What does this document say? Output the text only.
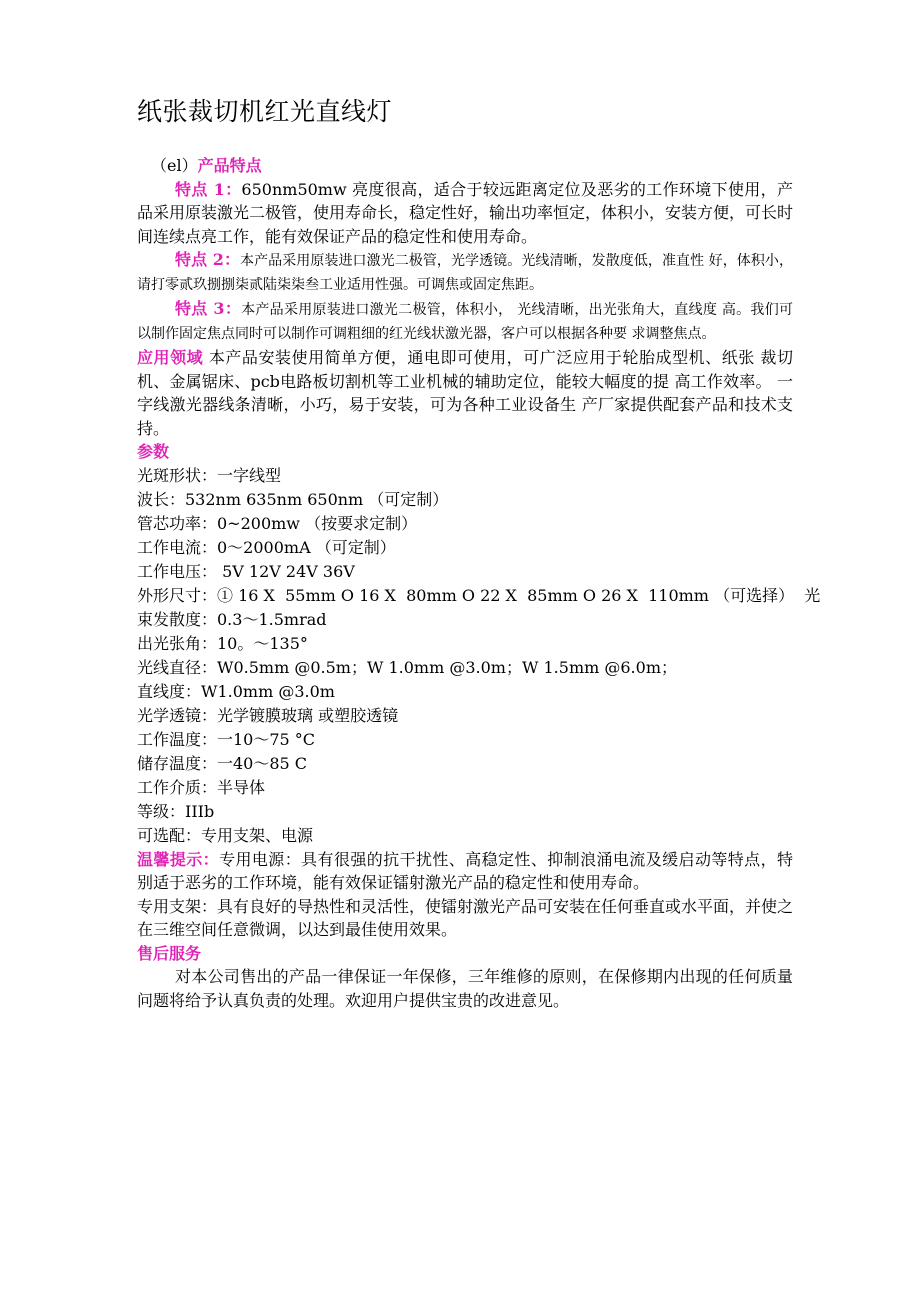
纸张裁切机红光直线灯

（el）产品特点

特点 1：650nm50mw 亮度很高，适合于较远距离定位及恶劣的工作环境下使用，产品采用原装激光二极管，使用寿命长，稳定性好，输出功率恒定，体积小，安装方便，可长时间连续点亮工作，能有效保证产品的稳定性和使用寿命。

特点 2：本产品采用原装进口激光二极管，光学透镜。光线清晰，发散度低，准直性 好，体积小，请打零贰玖捌捌柒贰陆柒柒叁工业适用性强。可调焦或固定焦距。

特点 3：本产品采用原装进口激光二极管，体积小， 光线清晰，出光张角大，直线度 高。我们可以制作固定焦点同时可以制作可调粗细的红光线状激光器，客户可以根据各种要 求调整焦点。

应用领域 本产品安装使用简单方便，通电即可使用，可广泛应用于轮胎成型机、纸张 裁切机、金属锯床、pcb电路板切割机等工业机械的辅助定位，能较大幅度的提 高工作效率。 一字线激光器线条清晰，小巧，易于安装，可为各种工业设备生 产厂家提供配套产品和技术支持。

参数

光斑形状：一字线型

波长：532nm 635nm 650nm （可定制）

管芯功率：0~200mw （按要求定制）

工作电流：0〜2000mA （可定制）

工作电压： 5V 12V 24V 36V

外形尺寸：① 16 X  55mm O 16 X  80mm O 22 X  85mm O 26 X  110mm （可选择）  光

束发散度：0.3〜1.5mrad

出光张角：10。〜135°

光线直径：W0.5mm @0.5m；W 1.0mm @3.0m；W 1.5mm @6.0m；

直线度：W1.0mm @3.0m

光学透镜：光学镀膜玻璃 或塑胶透镜

工作温度：一10〜75 °C

储存温度：一40〜85 C

工作介质：半导体

等级：IIIb

可选配：专用支架、电源

温馨提示：专用电源：具有很强的抗干扰性、高稳定性、抑制浪涌电流及缓启动等特点，特别适于恶劣的工作环境，能有效保证镭射激光产品的稳定性和使用寿命。

专用支架：具有良好的导热性和灵活性，使镭射激光产品可安装在任何垂直或水平面，并使之在三维空间任意微调，以达到最佳使用效果。

售后服务

对本公司售出的产品一律保证一年保修，三年维修的原则，在保修期内出现的任何质量问题将给予认真负责的处理。欢迎用户提供宝贵的改进意见。
